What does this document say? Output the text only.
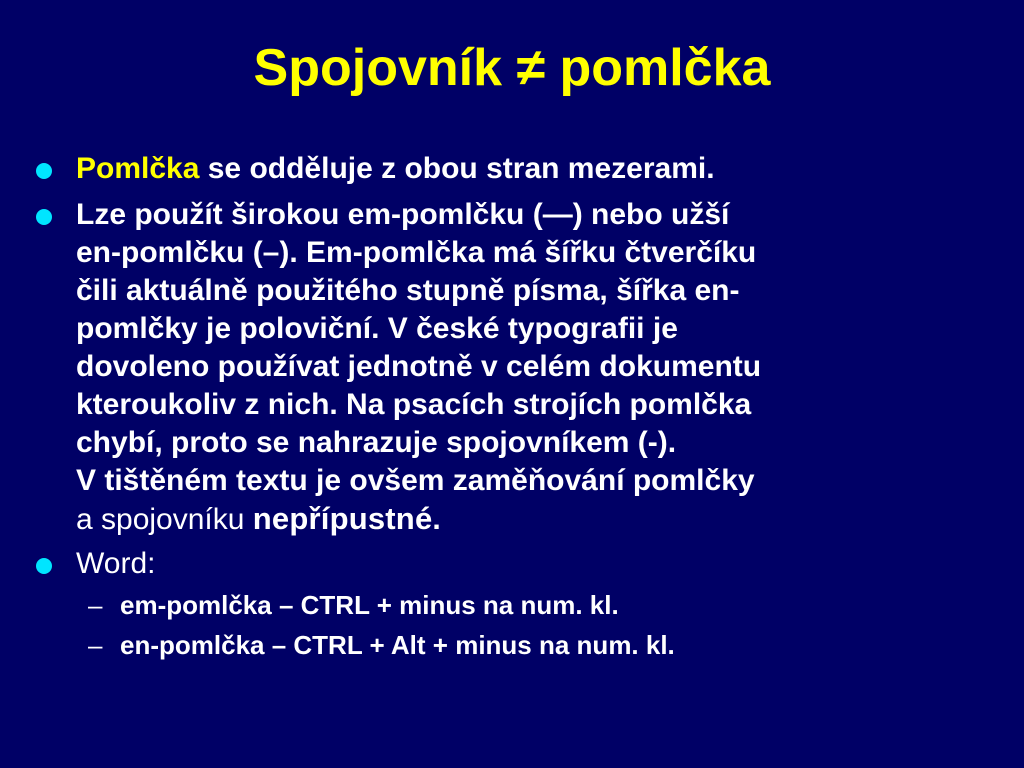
Spojovník ≠ pomlčka
Pomlčka se odděluje z obou stran mezerami.
Lze použít širokou em-pomlčku (—) nebo užší
en-pomlčku (–). Em-pomlčka má šířku čtverčíku
čili aktuálně použitého stupně písma, šířka en-
pomlčky je poloviční. V české typografii je
dovoleno používat jednotně v celém dokumentu
kteroukoliv z nich. Na psacích strojích pomlčka
chybí, proto se nahrazuje spojovníkem (-).
V tištěném textu je ovšem zaměňování pomlčky
a spojovníku nepřípustné.
Word:
– em-pomlčka – CTRL + minus na num. kl.
– en-pomlčka – CTRL + Alt + minus na num. kl.
